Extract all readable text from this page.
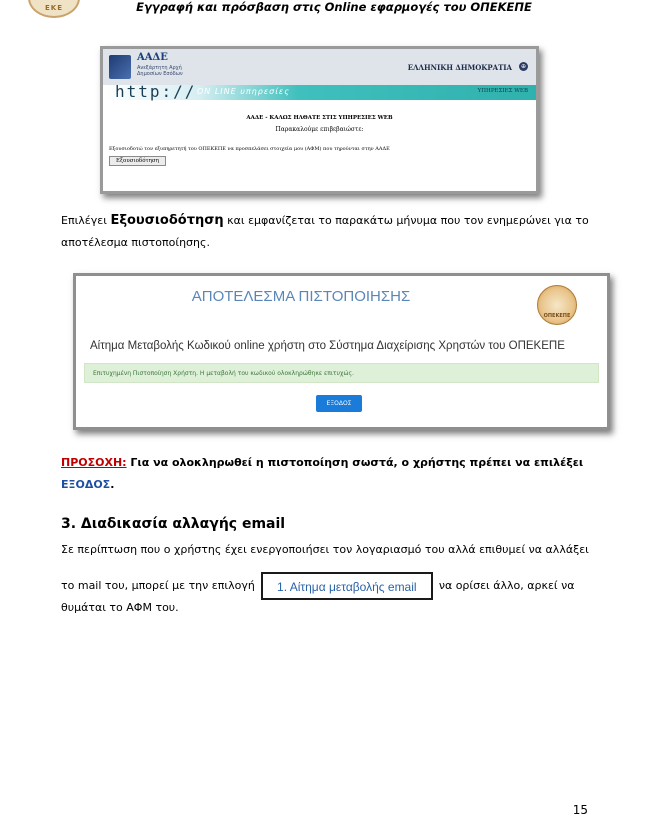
ΕΚΕ	Εγγραφή και πρόσβαση στις Online εφαρμογές του ΟΠΕΚΕΠΕ
ΑΑΔΕ
Ανεξάρτητη Αρχή
Δημοσίων Εσόδων
ΕΛΛΗΝΙΚΗ ΔΗΜΟΚΡΑΤΙΑ	⊕
http:// ON LINE υπηρεσίες	ΥΠΗΡΕΣΙΕΣ WEB
ΑΑΔΕ - ΚΑΛΩΣ ΗΛΘΑΤΕ ΣΤΙΣ ΥΠΗΡΕΣΙΕΣ WEB
Παρακαλούμε επιβεβαιώστε:
Εξουσιοδοτώ τον εξυπηρετητή του ΟΠΕΚΕΠΕ να προσπελάσει στοιχεία μου (ΑΦΜ) που τηρούνται στην ΑΑΔΕ
Εξουσιοδότηση
Επιλέγει Εξουσιοδότηση και εμφανίζεται το παρακάτω μήνυμα που τον ενημερώνει για το αποτέλεσμα πιστοποίησης.
ΑΠΟΤΕΛΕΣΜΑ ΠΙΣΤΟΠΟΙΗΣΗΣ
ΟΠΕΚΕΠΕ
Αίτημα Μεταβολής Κωδικού online χρήστη στο Σύστημα Διαχείρισης Χρηστών του ΟΠΕΚΕΠΕ
Επιτυχημένη Πιστοποίηση Χρήστη. Η μεταβολή του κωδικού ολοκληρώθηκε επιτυχώς.
ΕΞΟΔΟΣ
ΠΡΟΣΟΧΗ: Για να ολοκληρωθεί η πιστοποίηση σωστά, ο χρήστης πρέπει να επιλέξει ΕΞΟΔΟΣ.
3. Διαδικασία αλλαγής email
Σε περίπτωση που ο χρήστης έχει ενεργοποιήσει τον λογαριασμό του αλλά επιθυμεί να αλλάξει
το mail του, μπορεί με την επιλογή 1. Αίτημα μεταβολής email να ορίσει άλλο, αρκεί να
θυμάται το ΑΦΜ του.
15
